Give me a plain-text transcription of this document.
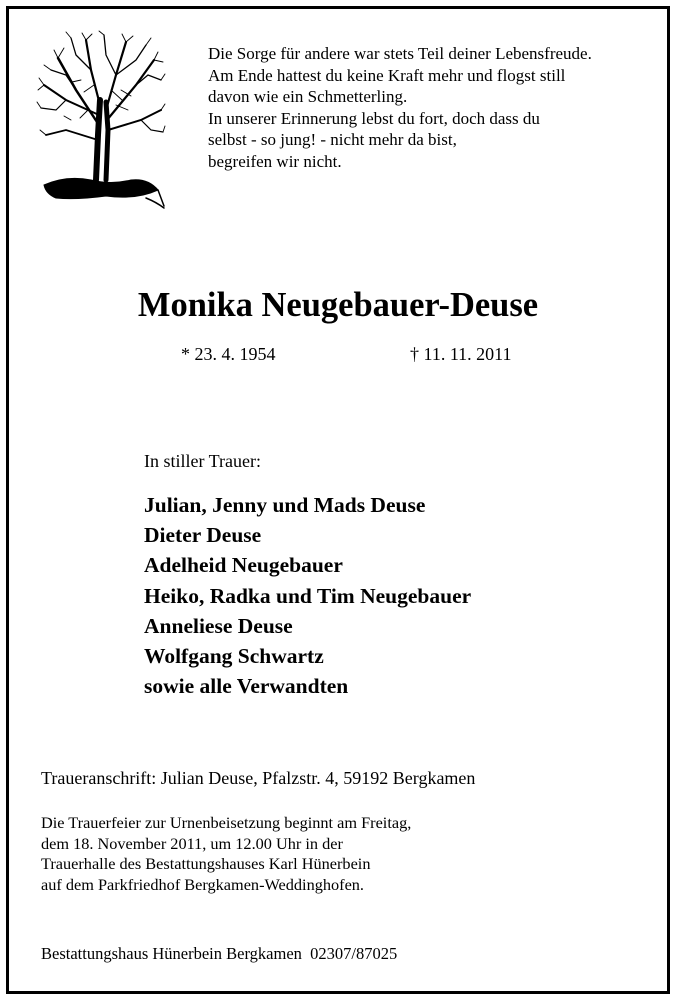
Die Sorge für andere war stets Teil deiner Lebensfreude.
Am Ende hattest du keine Kraft mehr und flogst still
davon wie ein Schmetterling.
In unserer Erinnerung lebst du fort, doch dass du
selbst - so jung! - nicht mehr da bist,
begreifen wir nicht.
Monika Neugebauer-Deuse
* 23. 4. 1954	† 11. 11. 2011
In stiller Trauer:
Julian, Jenny und Mads Deuse
Dieter Deuse
Adelheid Neugebauer
Heiko, Radka und Tim Neugebauer
Anneliese Deuse
Wolfgang Schwartz
sowie alle Verwandten
Traueranschrift: Julian Deuse, Pfalzstr. 4, 59192 Bergkamen
Die Trauerfeier zur Urnenbeisetzung beginnt am Freitag,
dem 18. November 2011, um 12.00 Uhr in der
Trauerhalle des Bestattungshauses Karl Hünerbein
auf dem Parkfriedhof Bergkamen-Weddinghofen.
Bestattungshaus Hünerbein Bergkamen  02307/87025
